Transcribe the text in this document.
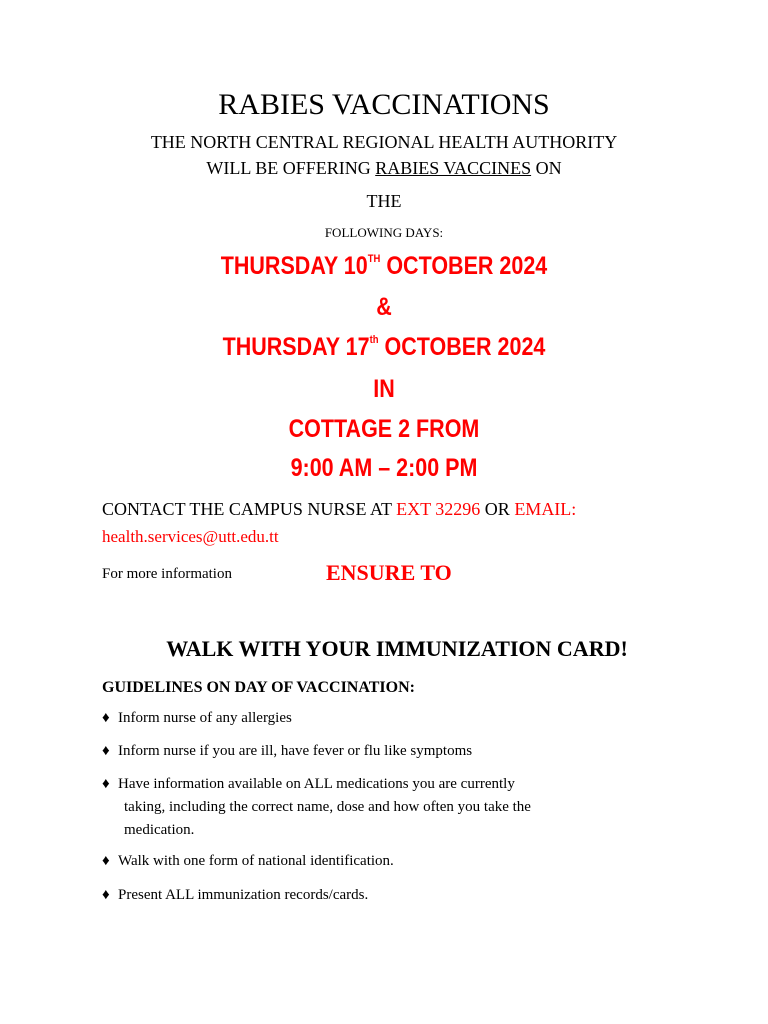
RABIES VACCINATIONS
THE NORTH CENTRAL REGIONAL HEALTH AUTHORITY
WILL BE OFFERING RABIES VACCINES ON
THE
FOLLOWING DAYS:
THURSDAY 10TH OCTOBER 2024
&
THURSDAY 17th OCTOBER 2024
IN
COTTAGE 2 FROM
9:00 AM – 2:00 PM
CONTACT THE CAMPUS NURSE AT EXT 32296 OR EMAIL:
health.services@utt.edu.tt
For more information	ENSURE TO
WALK WITH YOUR IMMUNIZATION CARD!
GUIDELINES ON DAY OF VACCINATION:
♦ Inform nurse of any allergies
♦ Inform nurse if you are ill, have fever or flu like symptoms
♦ Have information available on ALL medications you are currently
taking, including the correct name, dose and how often you take the
medication.
♦ Walk with one form of national identification.
♦ Present ALL immunization records/cards.
